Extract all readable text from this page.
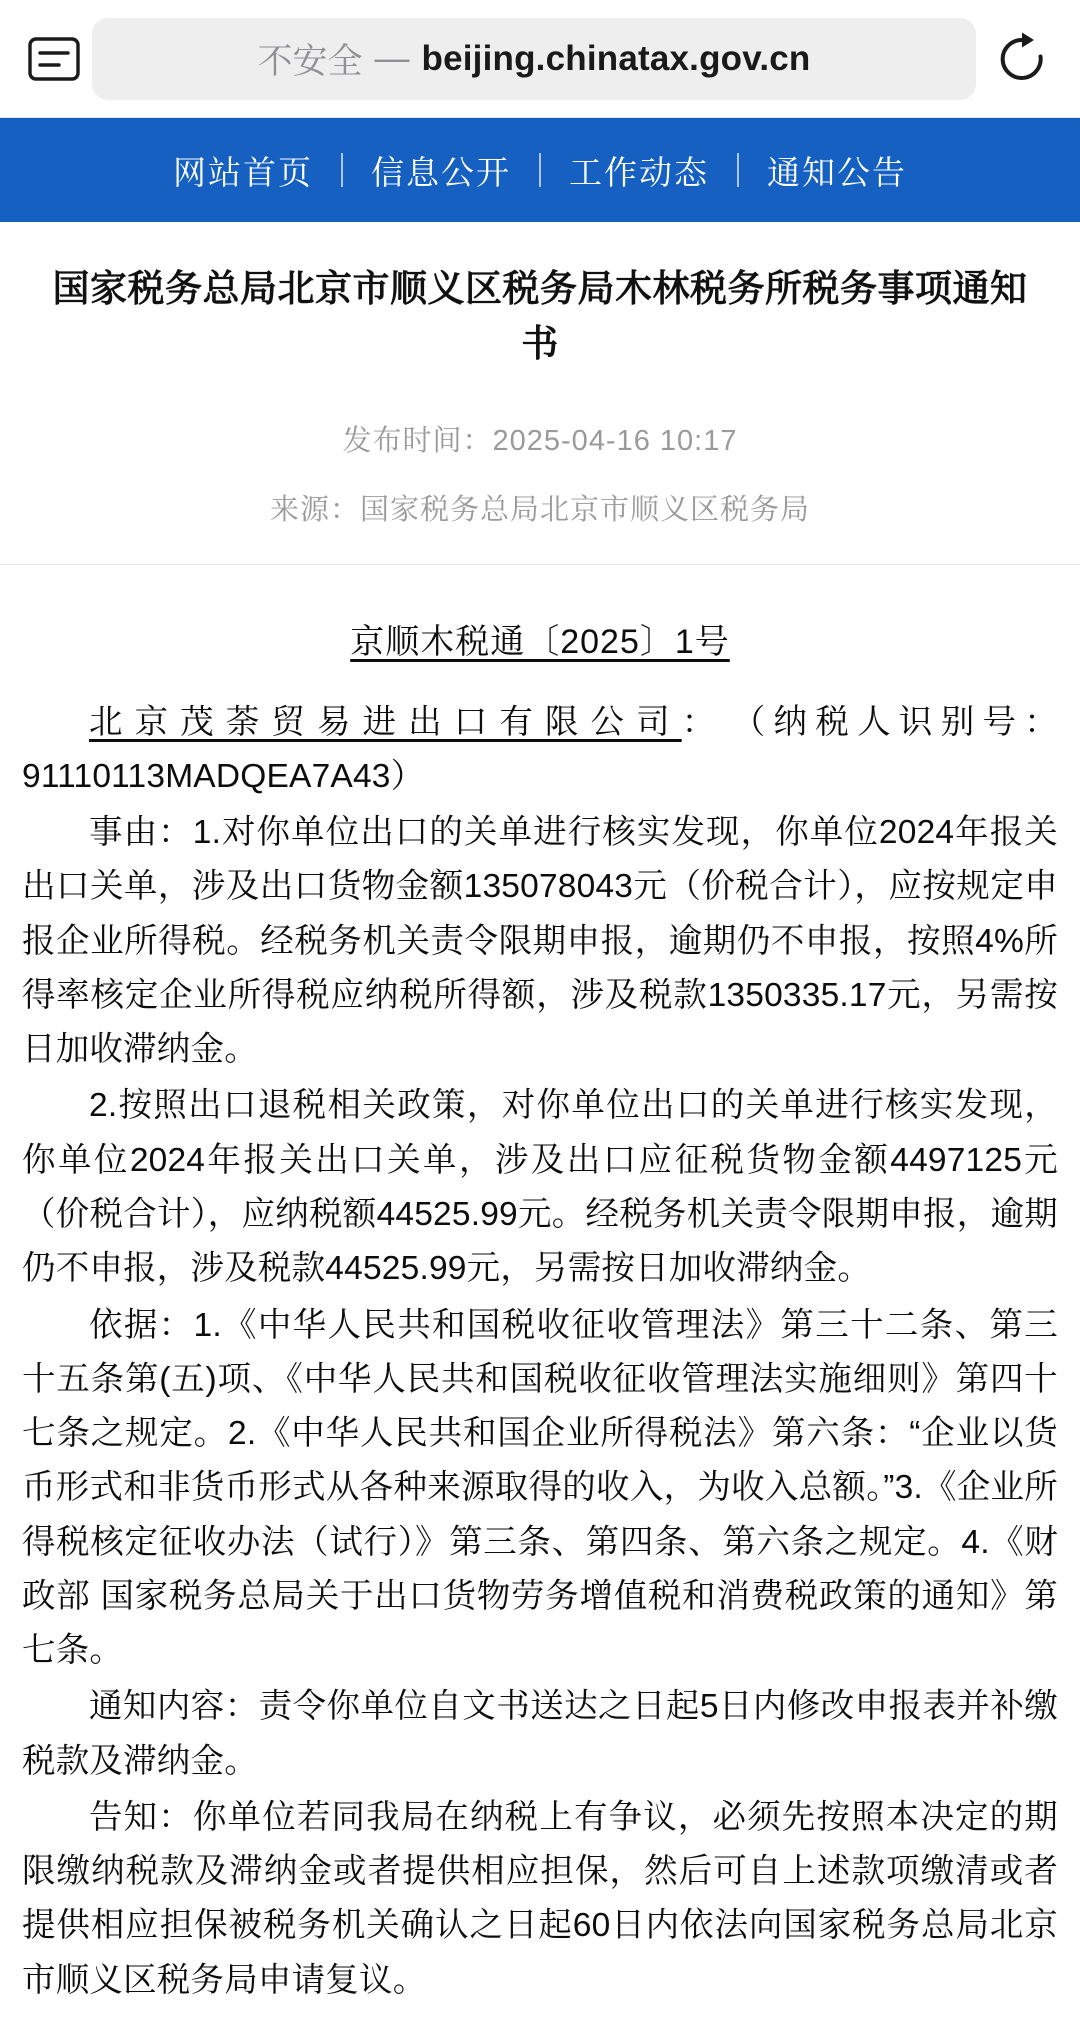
不安全 — beijing.chinatax.gov.cn
网站首页	信息公开	工作动态	通知公告
国家税务总局北京市顺义区税务局木林税务所税务事项通知书
发布时间：2025-04-16 10:17
来源：国家税务总局北京市顺义区税务局
京顺木税通〔2025〕1号

北京茂荼贸易进出口有限公司：　（纳税人识别号：91110113MADQEA7A43）

事由：1.对你单位出口的关单进行核实发现，你单位2024年报关出口关单，涉及出口货物金额135078043元（价税合计），应按规定申报企业所得税。经税务机关责令限期申报，逾期仍不申报，按照4%所得率核定企业所得税应纳税所得额，涉及税款1350335.17元，另需按日加收滞纳金。

2.按照出口退税相关政策，对你单位出口的关单进行核实发现，你单位2024年报关出口关单，涉及出口应征税货物金额4497125元（价税合计），应纳税额44525.99元。经税务机关责令限期申报，逾期仍不申报，涉及税款44525.99元，另需按日加收滞纳金。

依据：1.《中华人民共和国税收征收管理法》第三十二条、第三十五条第(五)项、《中华人民共和国税收征收管理法实施细则》第四十七条之规定。2.《中华人民共和国企业所得税法》第六条：“企业以货币形式和非货币形式从各种来源取得的收入，为收入总额。”3.《企业所得税核定征收办法（试行）》第三条、第四条、第六条之规定。4.《财政部 国家税务总局关于出口货物劳务增值税和消费税政策的通知》第七条。

通知内容：责令你单位自文书送达之日起5日内修改申报表并补缴税款及滞纳金。

告知：你单位若同我局在纳税上有争议，必须先按照本决定的期限缴纳税款及滞纳金或者提供相应担保，然后可自上述款项缴清或者提供相应担保被税务机关确认之日起60日内依法向国家税务总局北京市顺义区税务局申请复议。
